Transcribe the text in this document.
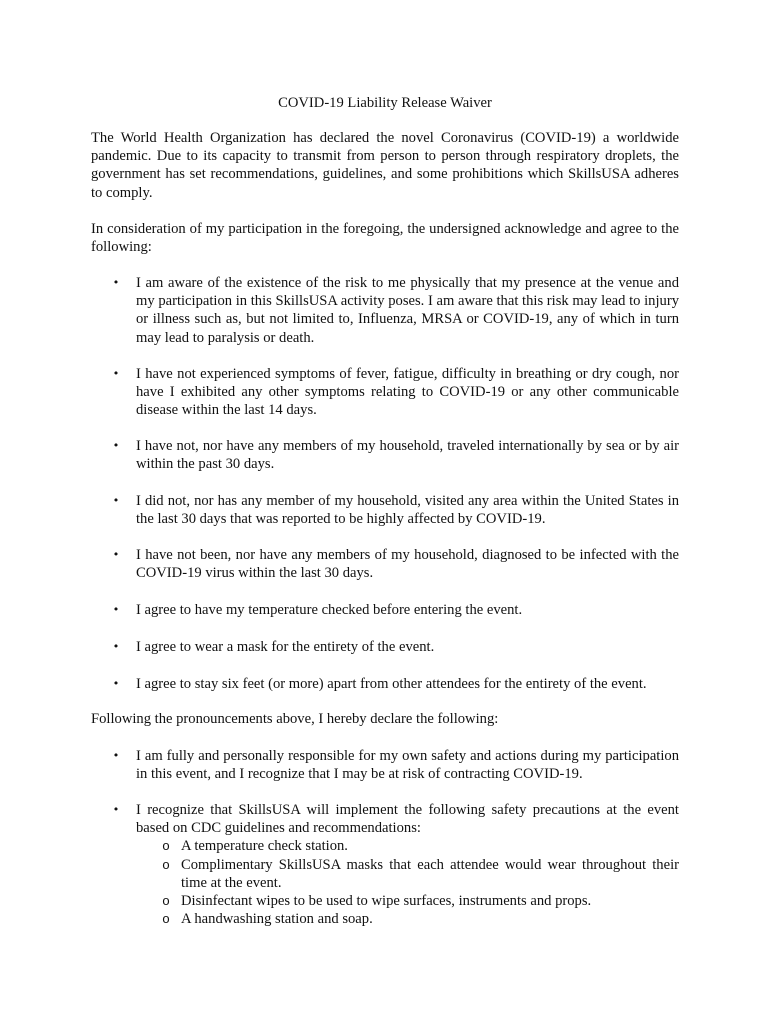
COVID-19 Liability Release Waiver

The World Health Organization has declared the novel Coronavirus (COVID-19) a worldwide pandemic. Due to its capacity to transmit from person to person through respiratory droplets, the government has set recommendations, guidelines, and some prohibitions which SkillsUSA adheres to comply.

In consideration of my participation in the foregoing, the undersigned acknowledge and agree to the following:

• I am aware of the existence of the risk to me physically that my presence at the venue and my participation in this SkillsUSA activity poses. I am aware that this risk may lead to injury or illness such as, but not limited to, Influenza, MRSA or COVID-19, any of which in turn may lead to paralysis or death.
• I have not experienced symptoms of fever, fatigue, difficulty in breathing or dry cough, nor have I exhibited any other symptoms relating to COVID-19 or any other communicable disease within the last 14 days.
• I have not, nor have any members of my household, traveled internationally by sea or by air within the past 30 days.
• I did not, nor has any member of my household, visited any area within the United States in the last 30 days that was reported to be highly affected by COVID-19.
• I have not been, nor have any members of my household, diagnosed to be infected with the COVID-19 virus within the last 30 days.
• I agree to have my temperature checked before entering the event.
• I agree to wear a mask for the entirety of the event.
• I agree to stay six feet (or more) apart from other attendees for the entirety of the event.

Following the pronouncements above, I hereby declare the following:

• I am fully and personally responsible for my own safety and actions during my participation in this event, and I recognize that I may be at risk of contracting COVID-19.
• I recognize that SkillsUSA will implement the following safety precautions at the event based on CDC guidelines and recommendations:
o A temperature check station.
o Complimentary SkillsUSA masks that each attendee would wear throughout their time at the event.
o Disinfectant wipes to be used to wipe surfaces, instruments and props.
o A handwashing station and soap.
